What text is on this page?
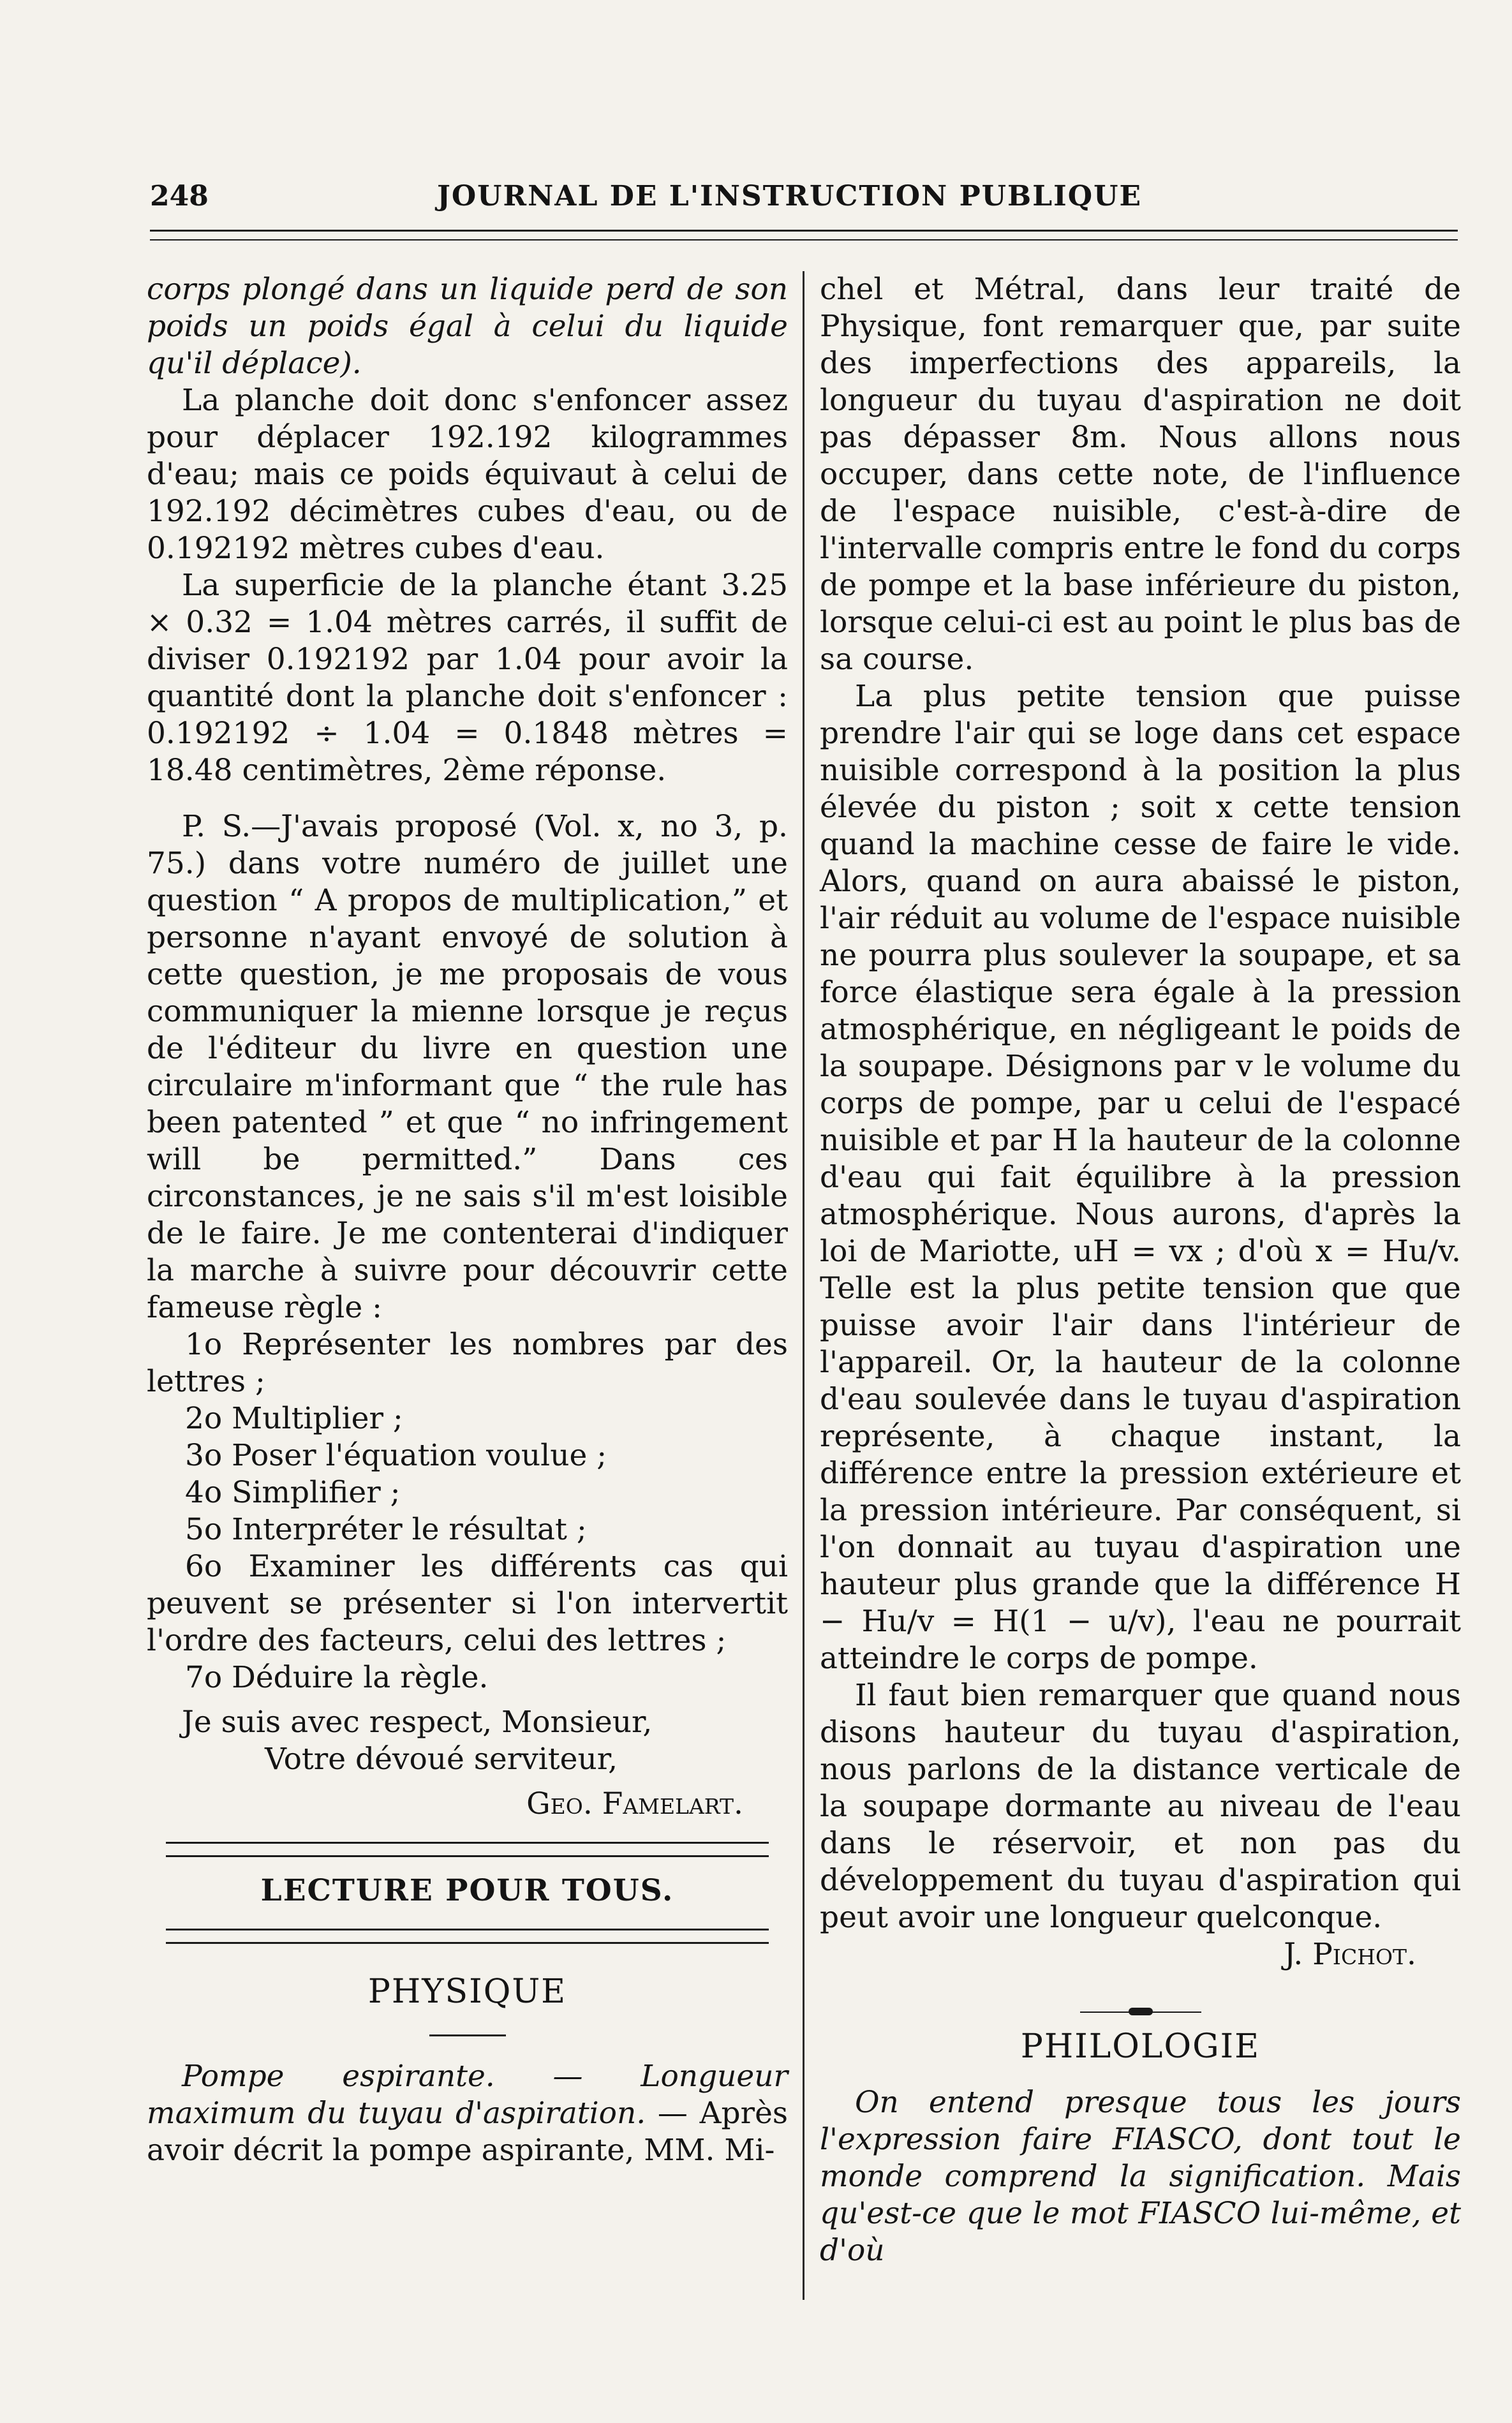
248	JOURNAL DE L'INSTRUCTION PUBLIQUE

corps plongé dans un liquide perd de son poids un poids égal à celui du liquide qu'il déplace).

La planche doit donc s'enfoncer assez pour déplacer 192.192 kilogrammes d'eau; mais ce poids équivaut à celui de 192.192 décimètres cubes d'eau, ou de 0.192192 mètres cubes d'eau.

La superficie de la planche étant 3.25 × 0.32 = 1.04 mètres carrés, il suffit de diviser 0.192192 par 1.04 pour avoir la quantité dont la planche doit s'enfoncer : 0.192192 ÷ 1.04 = 0.1848 mètres = 18.48 centimètres, 2ème réponse.

P. S.—J'avais proposé (Vol. x, no 3, p. 75.) dans votre numéro de juillet une question “ A propos de multiplication,” et personne n'ayant envoyé de solution à cette question, je me proposais de vous communiquer la mienne lorsque je reçus de l'éditeur du livre en question une circulaire m'informant que “ the rule has been patented ” et que “ no infringement will be permitted.” Dans ces circonstances, je ne sais s'il m'est loisible de le faire. Je me contenterai d'indiquer la marche à suivre pour découvrir cette fameuse règle :

1o Représenter les nombres par des lettres ;

2o Multiplier ;

3o Poser l'équation voulue ;

4o Simplifier ;

5o Interpréter le résultat ;

6o Examiner les différents cas qui peuvent se présenter si l'on intervertit l'ordre des facteurs, celui des lettres ;

7o Déduire la règle.

Je suis avec respect, Monsieur,

Votre dévoué serviteur,

Geo. Famelart.

LECTURE POUR TOUS.

PHYSIQUE

Pompe espirante. — Longueur maximum du tuyau d'aspiration. — Après avoir décrit la pompe aspirante, MM. Mi-

chel et Métral, dans leur traité de Physique, font remarquer que, par suite des imperfections des appareils, la longueur du tuyau d'aspiration ne doit pas dépasser 8m. Nous allons nous occuper, dans cette note, de l'influence de l'espace nuisible, c'est-à-dire de l'intervalle compris entre le fond du corps de pompe et la base inférieure du piston, lorsque celui-ci est au point le plus bas de sa course.

La plus petite tension que puisse prendre l'air qui se loge dans cet espace nuisible correspond à la position la plus élevée du piston ; soit x cette tension quand la machine cesse de faire le vide. Alors, quand on aura abaissé le piston, l'air réduit au volume de l'espace nuisible ne pourra plus soulever la soupape, et sa force élastique sera égale à la pression atmosphérique, en négligeant le poids de la soupape. Désignons par v le volume du corps de pompe, par u celui de l'espacé nuisible et par H la hauteur de la colonne d'eau qui fait équilibre à la pression atmosphérique. Nous aurons, d'après la loi de Mariotte, uH = vx ; d'où x = Hu/v. Telle est la plus petite tension que que puisse avoir l'air dans l'intérieur de l'appareil. Or, la hauteur de la colonne d'eau soulevée dans le tuyau d'aspiration représente, à chaque instant, la différence entre la pression extérieure et la pression intérieure. Par conséquent, si l'on donnait au tuyau d'aspiration une hauteur plus grande que la différence H − Hu/v = H(1 − u/v), l'eau ne pourrait atteindre le corps de pompe.

Il faut bien remarquer que quand nous disons hauteur du tuyau d'aspiration, nous parlons de la distance verticale de la soupape dormante au niveau de l'eau dans le réservoir, et non pas du développement du tuyau d'aspiration qui peut avoir une longueur quelconque.

J. Pichot.

PHILOLOGIE

On entend presque tous les jours l'expression faire FIASCO, dont tout le monde comprend la signification. Mais qu'est-ce que le mot FIASCO lui-même, et d'où
